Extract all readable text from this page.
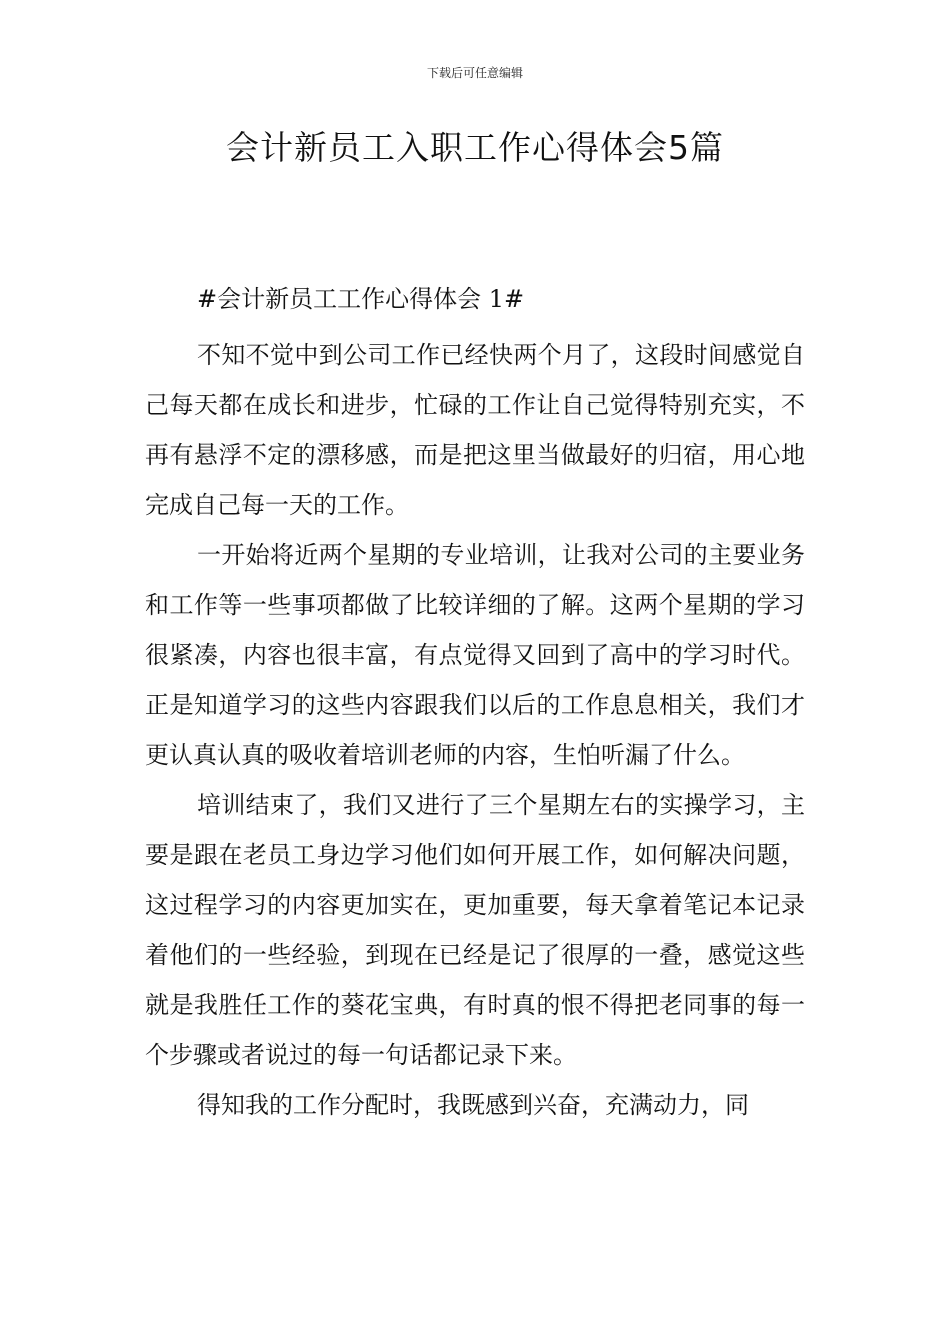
下载后可任意编辑
会计新员工入职工作心得体会5篇
#会计新员工工作心得体会 1#

不知不觉中到公司工作已经快两个月了，这段时间感觉自己每天都在成长和进步，忙碌的工作让自己觉得特别充实，不再有悬浮不定的漂移感，而是把这里当做最好的归宿，用心地完成自己每一天的工作。

一开始将近两个星期的专业培训，让我对公司的主要业务和工作等一些事项都做了比较详细的了解。这两个星期的学习很紧凑，内容也很丰富，有点觉得又回到了高中的学习时代。正是知道学习的这些内容跟我们以后的工作息息相关，我们才更认真认真的吸收着培训老师的内容，生怕听漏了什么。

培训结束了，我们又进行了三个星期左右的实操学习，主要是跟在老员工身边学习他们如何开展工作，如何解决问题，这过程学习的内容更加实在，更加重要，每天拿着笔记本记录着他们的一些经验，到现在已经是记了很厚的一叠，感觉这些就是我胜任工作的葵花宝典，有时真的恨不得把老同事的每一个步骤或者说过的每一句话都记录下来。

得知我的工作分配时，我既感到兴奋，充满动力，同
